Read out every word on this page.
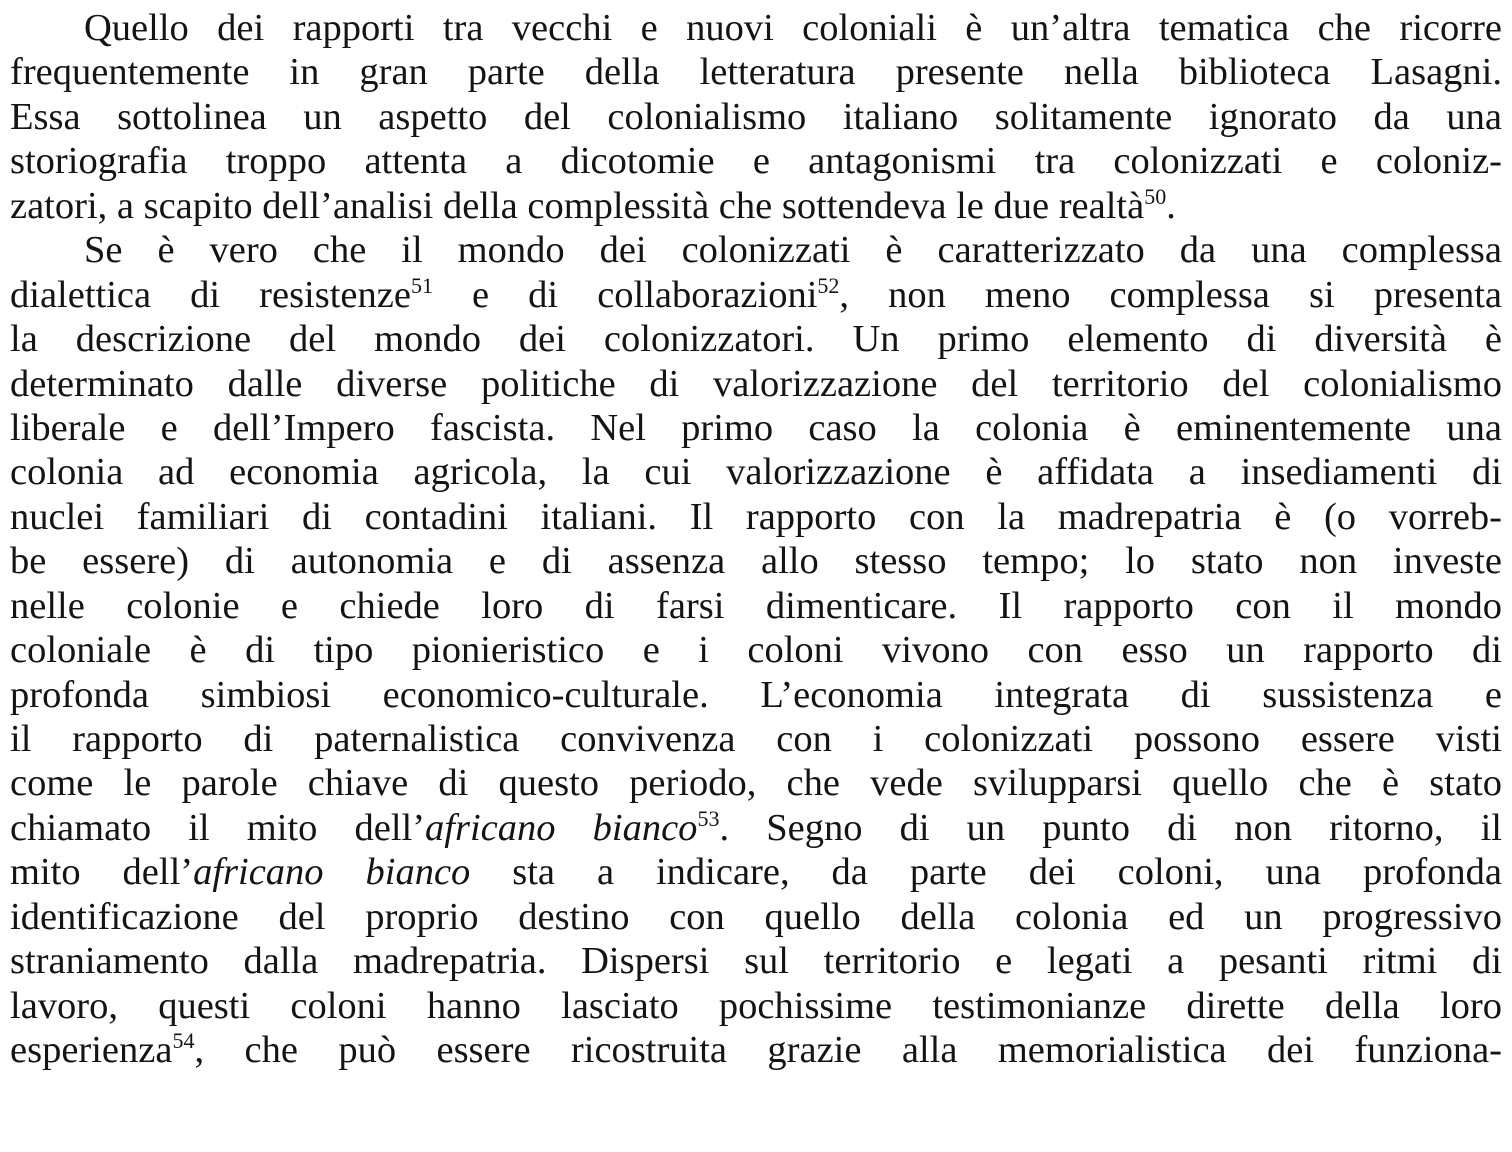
Quello dei rapporti tra vecchi e nuovi coloniali è un’altra tematica che ricorre
frequentemente in gran parte della letteratura presente nella biblioteca Lasagni.
Essa sottolinea un aspetto del colonialismo italiano solitamente ignorato da una
storiografia troppo attenta a dicotomie e antagonismi tra colonizzati e coloniz-
zatori, a scapito dell’analisi della complessità che sottendeva le due realtà$^{50}$.
Se è vero che il mondo dei colonizzati è caratterizzato da una complessa
dialettica di resistenze$^{51}$ e di collaborazioni$^{52}$, non meno complessa si presenta
la descrizione del mondo dei colonizzatori. Un primo elemento di diversità è
determinato dalle diverse politiche di valorizzazione del territorio del colonialismo
liberale e dell’Impero fascista. Nel primo caso la colonia è eminentemente una
colonia ad economia agricola, la cui valorizzazione è affidata a insediamenti di
nuclei familiari di contadini italiani. Il rapporto con la madrepatria è (o vorreb-
be essere) di autonomia e di assenza allo stesso tempo; lo stato non investe
nelle colonie e chiede loro di farsi dimenticare. Il rapporto con il mondo
coloniale è di tipo pionieristico e i coloni vivono con esso un rapporto di
profonda simbiosi economico-culturale. L’economia integrata di sussistenza e
il rapporto di paternalistica convivenza con i colonizzati possono essere visti
come le parole chiave di questo periodo, che vede svilupparsi quello che è stato
chiamato il mito dell’africano bianco$^{53}$. Segno di un punto di non ritorno, il
mito dell’africano bianco sta a indicare, da parte dei coloni, una profonda
identificazione del proprio destino con quello della colonia ed un progressivo
straniamento dalla madrepatria. Dispersi sul territorio e legati a pesanti ritmi di
lavoro, questi coloni hanno lasciato pochissime testimonianze dirette della loro
esperienza$^{54}$, che può essere ricostruita grazie alla memorialistica dei funziona-
